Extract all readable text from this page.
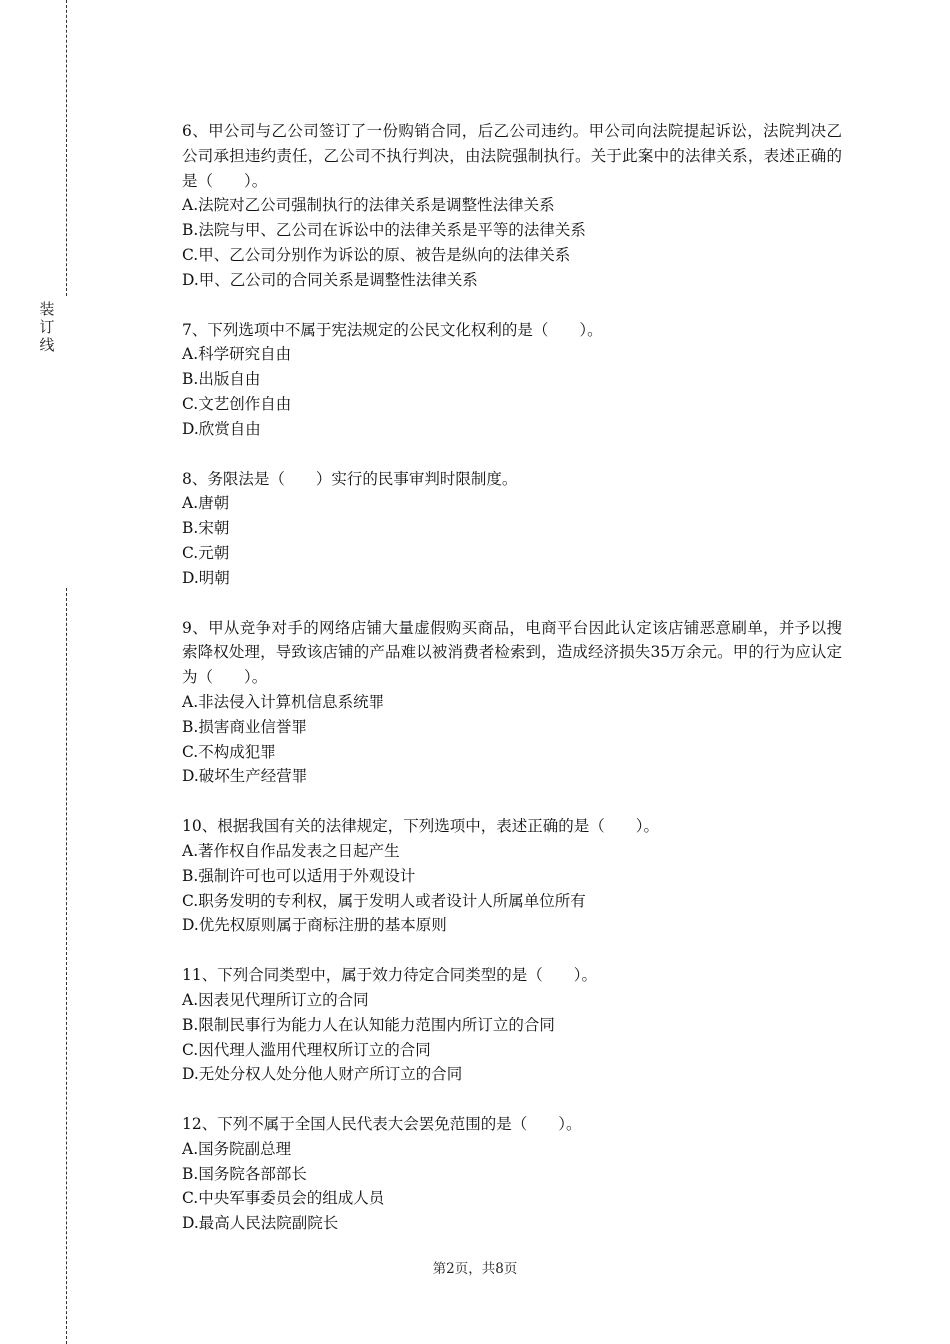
装
订
线

6、甲公司与乙公司签订了一份购销合同，后乙公司违约。甲公司向法院提起诉讼，法院判决乙公司承担违约责任，乙公司不执行判决，由法院强制执行。关于此案中的法律关系，表述正确的是（　　）。

A.法院对乙公司强制执行的法律关系是调整性法律关系

B.法院与甲、乙公司在诉讼中的法律关系是平等的法律关系

C.甲、乙公司分别作为诉讼的原、被告是纵向的法律关系

D.甲、乙公司的合同关系是调整性法律关系

7、下列选项中不属于宪法规定的公民文化权利的是（　　）。

A.科学研究自由

B.出版自由

C.文艺创作自由

D.欣赏自由

8、务限法是（　　）实行的民事审判时限制度。

A.唐朝

B.宋朝

C.元朝

D.明朝

9、甲从竞争对手的网络店铺大量虚假购买商品，电商平台因此认定该店铺恶意刷单，并予以搜索降权处理，导致该店铺的产品难以被消费者检索到，造成经济损失35万余元。甲的行为应认定为（　　）。

A.非法侵入计算机信息系统罪

B.损害商业信誉罪

C.不构成犯罪

D.破坏生产经营罪

10、根据我国有关的法律规定，下列选项中，表述正确的是（　　）。

A.著作权自作品发表之日起产生

B.强制许可也可以适用于外观设计

C.职务发明的专利权，属于发明人或者设计人所属单位所有

D.优先权原则属于商标注册的基本原则

11、下列合同类型中，属于效力待定合同类型的是（　　）。

A.因表见代理所订立的合同

B.限制民事行为能力人在认知能力范围内所订立的合同

C.因代理人滥用代理权所订立的合同

D.无处分权人处分他人财产所订立的合同

12、下列不属于全国人民代表大会罢免范围的是（　　）。

A.国务院副总理

B.国务院各部部长

C.中央军事委员会的组成人员

D.最高人民法院副院长

第2页，共8页
